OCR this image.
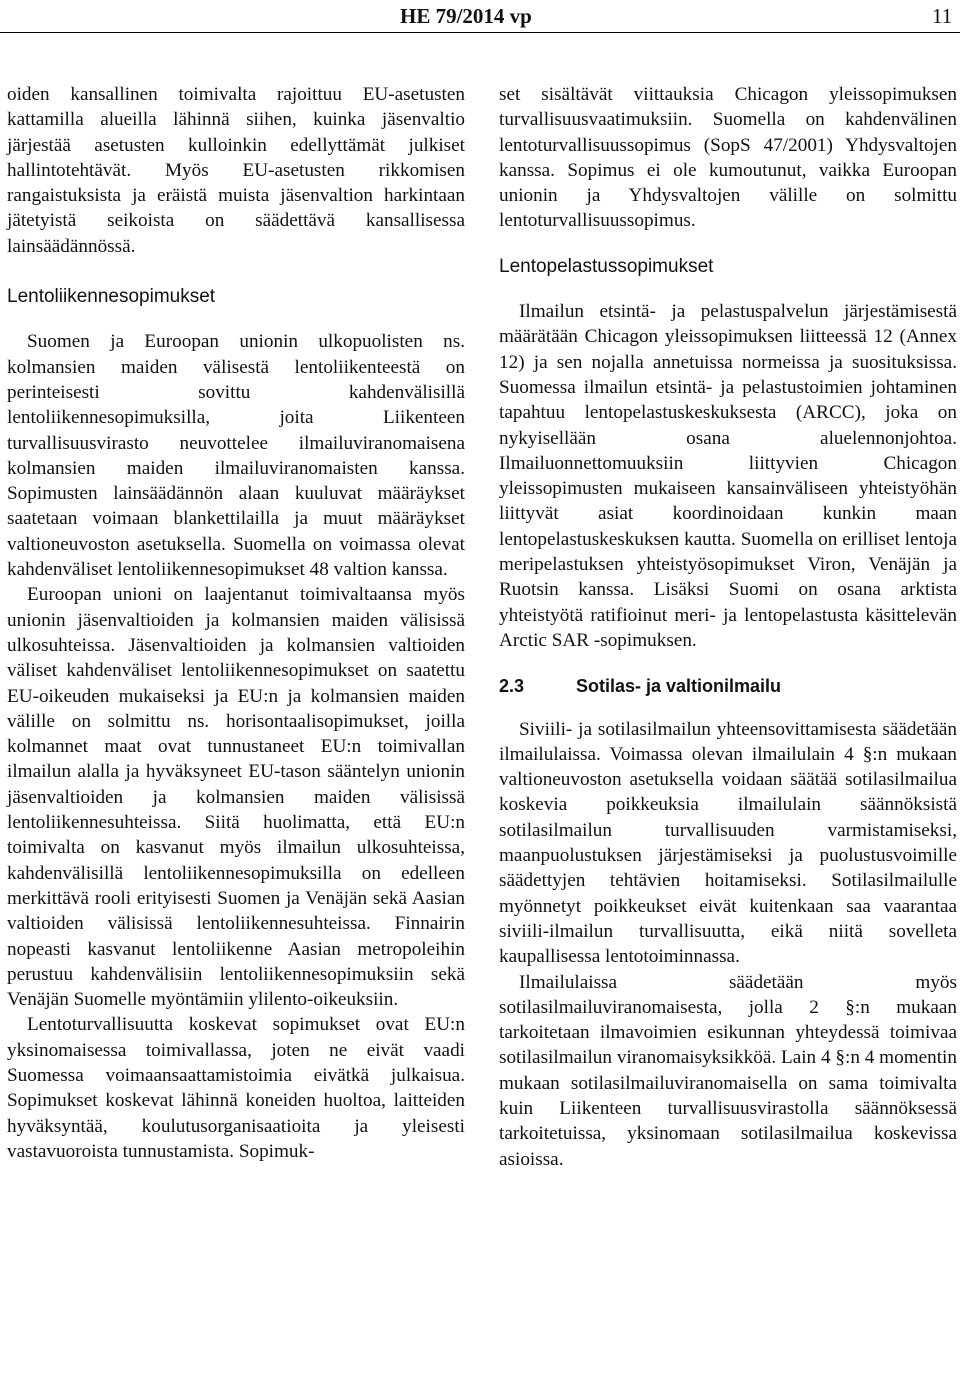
HE 79/2014 vp	11

oiden kansallinen toimivalta rajoittuu EU-asetusten kattamilla alueilla lähinnä siihen, kuinka jäsenvaltio järjestää asetusten kulloinkin edellyttämät julkiset hallintotehtävät. Myös EU-asetusten rikkomisen rangaistuksista ja eräistä muista jäsenvaltion harkintaan jätetyistä seikoista on säädettävä kansallisessa lainsäädännössä.

Lentoliikennesopimukset

Suomen ja Euroopan unionin ulkopuolisten ns. kolmansien maiden välisestä lentoliikenteestä on perinteisesti sovittu kahdenvälisillä lentoliikennesopimuksilla, joita Liikenteen turvallisuusvirasto neuvottelee ilmailuviranomaisena kolmansien maiden ilmailuviranomaisten kanssa. Sopimusten lainsäädännön alaan kuuluvat määräykset saatetaan voimaan blankettilailla ja muut määräykset valtioneuvoston asetuksella. Suomella on voimassa olevat kahdenväliset lentoliikennesopimukset 48 valtion kanssa.

Euroopan unioni on laajentanut toimivaltaansa myös unionin jäsenvaltioiden ja kolmansien maiden välisissä ulkosuhteissa. Jäsenvaltioiden ja kolmansien valtioiden väliset kahdenväliset lentoliikennesopimukset on saatettu EU-oikeuden mukaiseksi ja EU:n ja kolmansien maiden välille on solmittu ns. horisontaalisopimukset, joilla kolmannet maat ovat tunnustaneet EU:n toimivallan ilmailun alalla ja hyväksyneet EU-tason sääntelyn unionin jäsenvaltioiden ja kolmansien maiden välisissä lentoliikennesuhteissa. Siitä huolimatta, että EU:n toimivalta on kasvanut myös ilmailun ulkosuhteissa, kahdenvälisillä lentoliikennesopimuksilla on edelleen merkittävä rooli erityisesti Suomen ja Venäjän sekä Aasian valtioiden välisissä lentoliikennesuhteissa. Finnairin nopeasti kasvanut lentoliikenne Aasian metropoleihin perustuu kahdenvälisiin lentoliikennesopimuksiin sekä Venäjän Suomelle myöntämiin ylilento-oikeuksiin.

Lentoturvallisuutta koskevat sopimukset ovat EU:n yksinomaisessa toimivallassa, joten ne eivät vaadi Suomessa voimaansaattamistoimia eivätkä julkaisua. Sopimukset koskevat lähinnä koneiden huoltoa, laitteiden hyväksyntää, koulutusorganisaatioita ja yleisesti vastavuoroista tunnustamista. Sopimuk-

set sisältävät viittauksia Chicagon yleissopimuksen turvallisuusvaatimuksiin. Suomella on kahdenvälinen lentoturvallisuussopimus (SopS 47/2001) Yhdysvaltojen kanssa. Sopimus ei ole kumoutunut, vaikka Euroopan unionin ja Yhdysvaltojen välille on solmittu lentoturvallisuussopimus.

Lentopelastussopimukset

Ilmailun etsintä- ja pelastuspalvelun järjestämisestä määrätään Chicagon yleissopimuksen liitteessä 12 (Annex 12) ja sen nojalla annetuissa normeissa ja suosituksissa. Suomessa ilmailun etsintä- ja pelastustoimien johtaminen tapahtuu lentopelastuskeskuksesta (ARCC), joka on nykyisellään osana aluelennonjohtoa. Ilmailuonnettomuuksiin liittyvien Chicagon yleissopimusten mukaiseen kansainväliseen yhteistyöhän liittyvät asiat koordinoidaan kunkin maan lentopelastuskeskuksen kautta. Suomella on erilliset lentoja meripelastuksen yhteistyösopimukset Viron, Venäjän ja Ruotsin kanssa. Lisäksi Suomi on osana arktista yhteistyötä ratifioinut meri- ja lentopelastusta käsittelevän Arctic SAR -sopimuksen.

2.3	Sotilas- ja valtionilmailu

Siviili- ja sotilasilmailun yhteensovittamisesta säädetään ilmailulaissa. Voimassa olevan ilmailulain 4 §:n mukaan valtioneuvoston asetuksella voidaan säätää sotilasilmailua koskevia poikkeuksia ilmailulain säännöksistä sotilasilmailun turvallisuuden varmistamiseksi, maanpuolustuksen järjestämiseksi ja puolustusvoimille säädettyjen tehtävien hoitamiseksi. Sotilasilmailulle myönnetyt poikkeukset eivät kuitenkaan saa vaarantaa siviili-ilmailun turvallisuutta, eikä niitä sovelleta kaupallisessa lentotoiminnassa.

Ilmailulaissa säädetään myös sotilasilmailuviranomaisesta, jolla 2 §:n mukaan tarkoitetaan ilmavoimien esikunnan yhteydessä toimivaa sotilasilmailun viranomaisyksikköä. Lain 4 §:n 4 momentin mukaan sotilasilmailuviranomaisella on sama toimivalta kuin Liikenteen turvallisuusvirastolla säännöksessä tarkoitetuissa, yksinomaan sotilasilmailua koskevissa asioissa.
